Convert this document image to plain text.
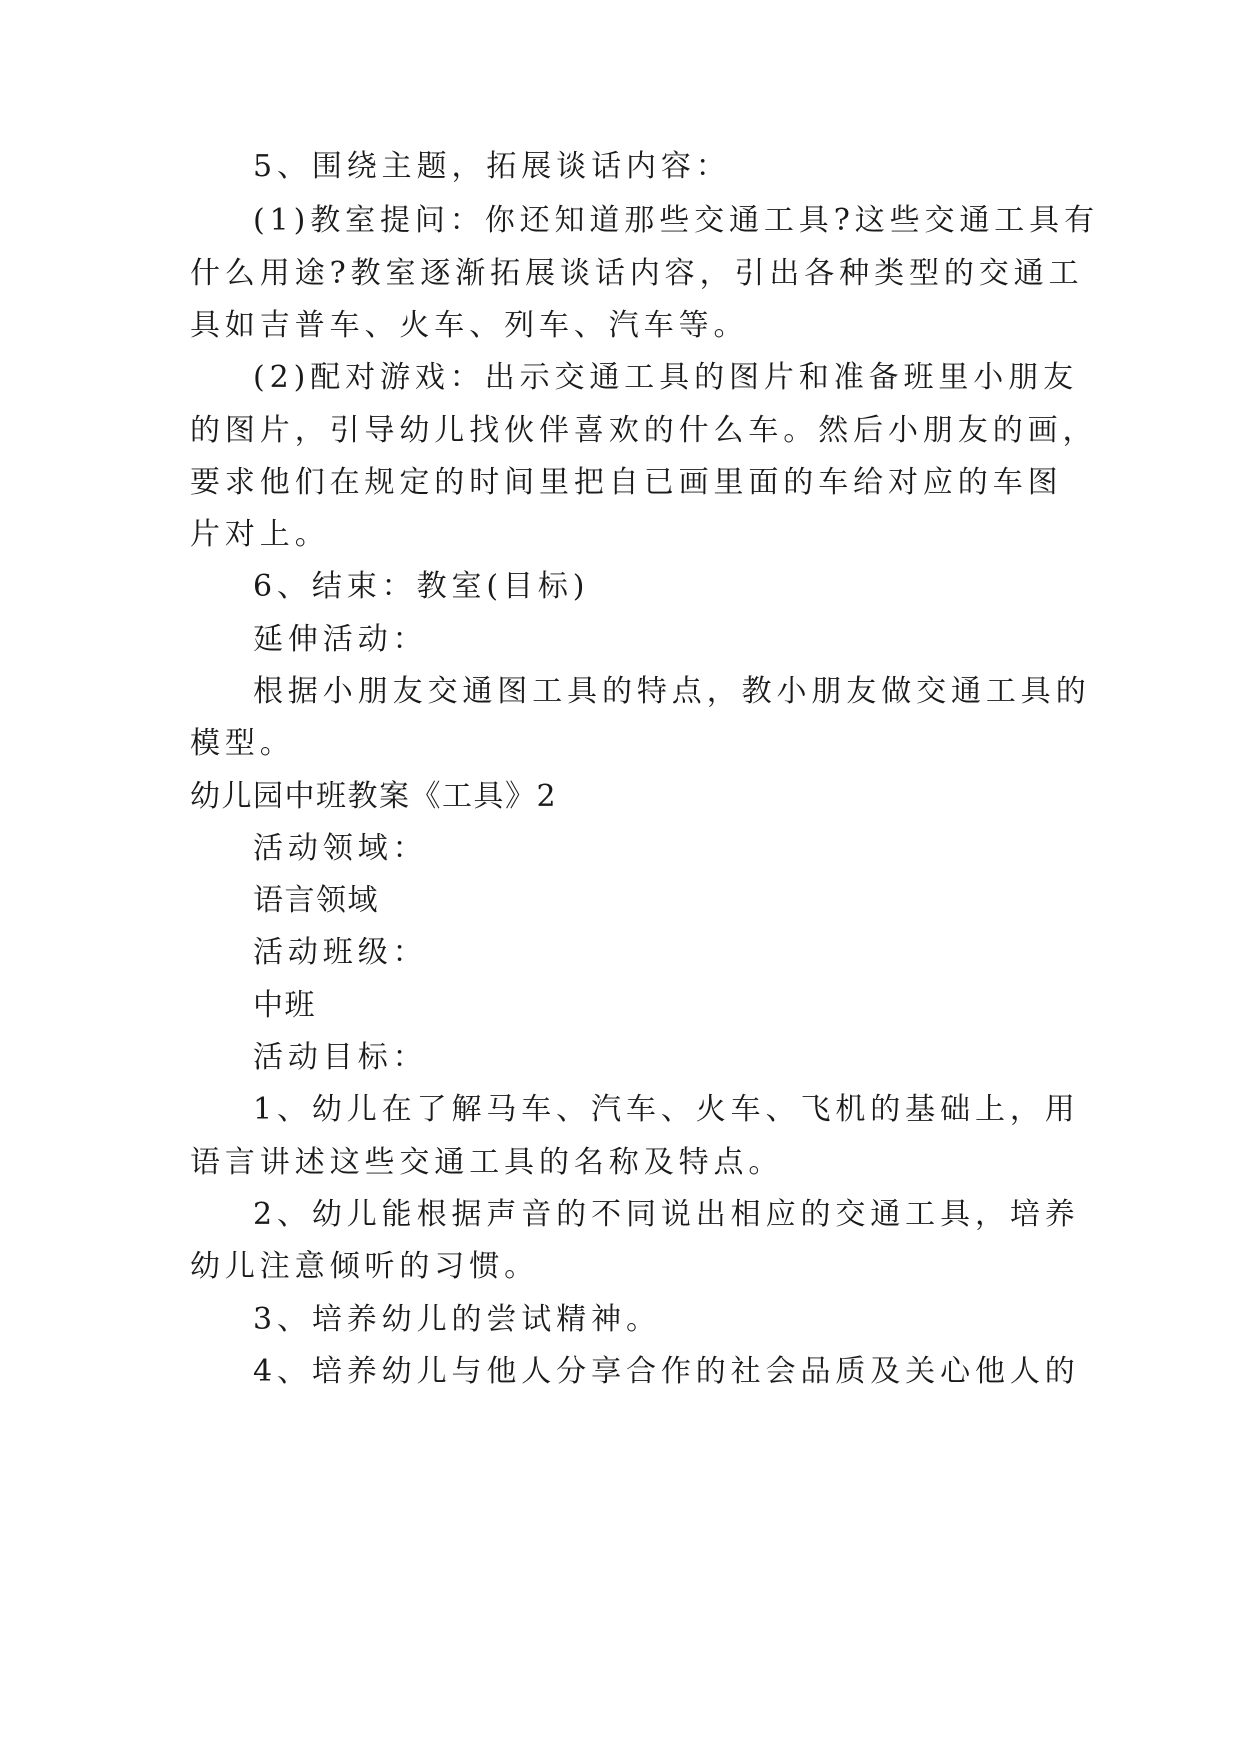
5、围绕主题，拓展谈话内容：
(1)教室提问：你还知道那些交通工具?这些交通工具有
什么用途?教室逐渐拓展谈话内容，引出各种类型的交通工
具如吉普车、火车、列车、汽车等。
(2)配对游戏：出示交通工具的图片和准备班里小朋友
的图片，引导幼儿找伙伴喜欢的什么车。然后小朋友的画，
要求他们在规定的时间里把自已画里面的车给对应的车图
片对上。
6、结束：教室(目标)
延伸活动：
根据小朋友交通图工具的特点，教小朋友做交通工具的
模型。
幼儿园中班教案《工具》2
活动领域：
语言领域
活动班级：
中班
活动目标：
1、幼儿在了解马车、汽车、火车、飞机的基础上，用
语言讲述这些交通工具的名称及特点。
2、幼儿能根据声音的不同说出相应的交通工具，培养
幼儿注意倾听的习惯。
3、培养幼儿的尝试精神。
4、培养幼儿与他人分享合作的社会品质及关心他人的
